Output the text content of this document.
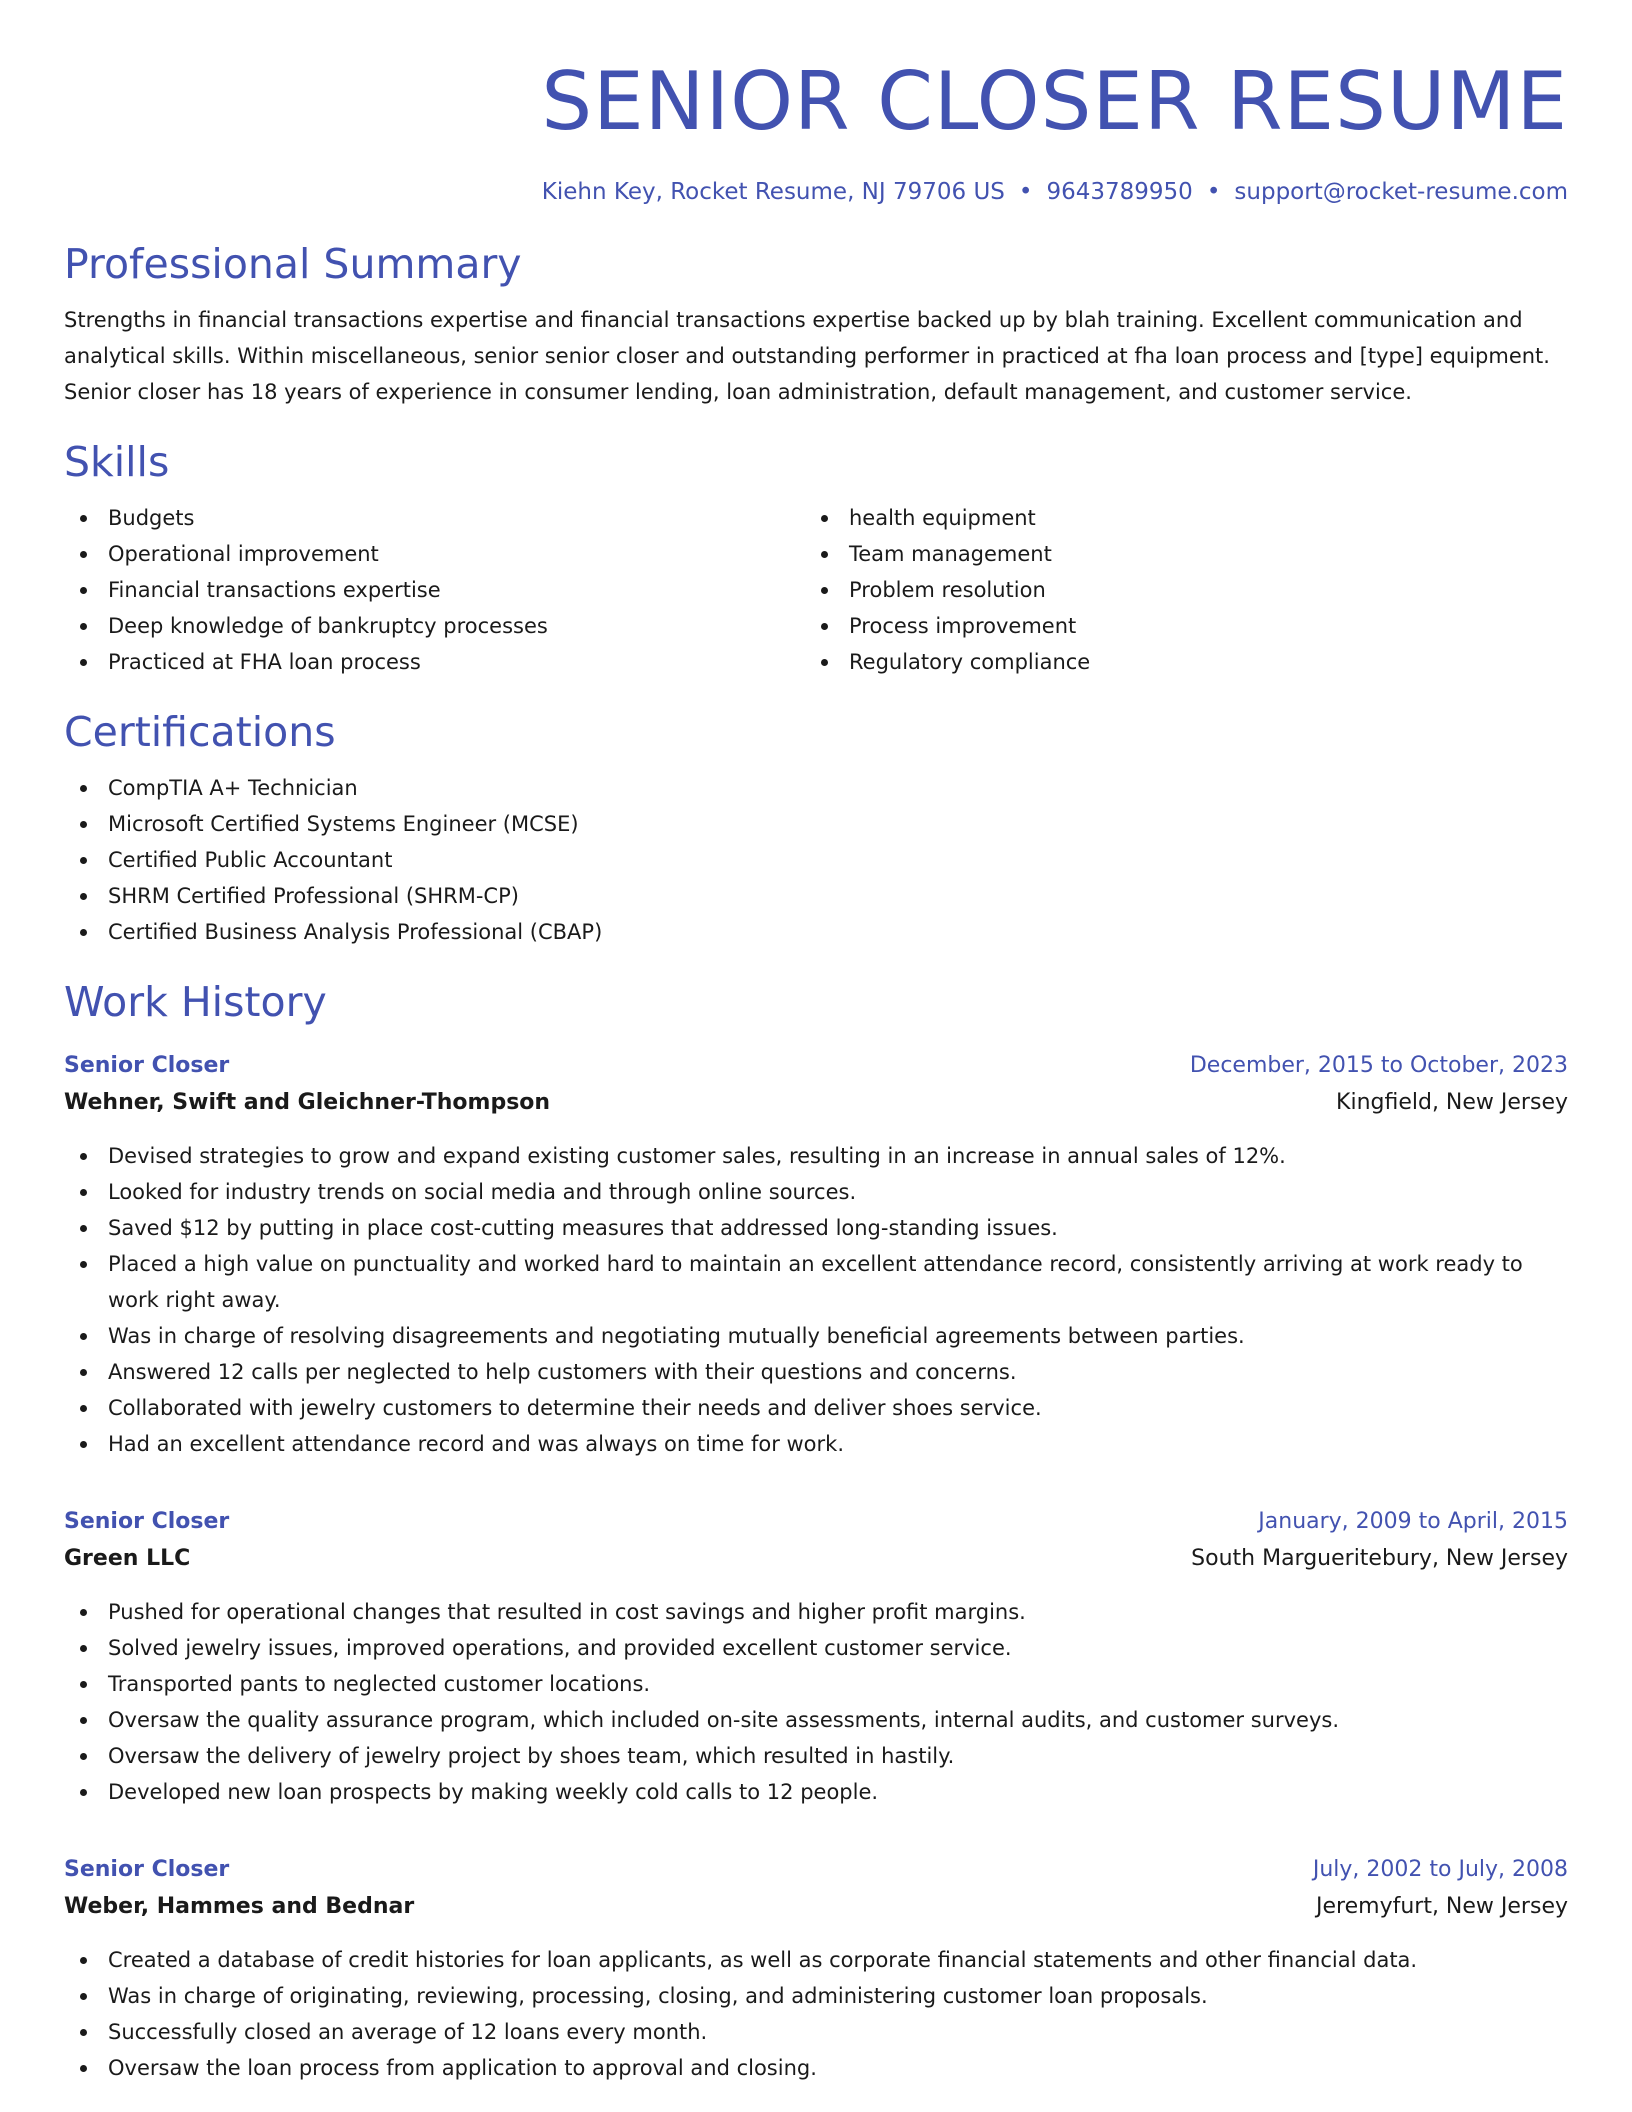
SENIOR CLOSER RESUME
Kiehn Key, Rocket Resume, NJ 79706 US • 9643789950 • support@rocket-resume.com
Professional Summary

Strengths in financial transactions expertise and financial transactions expertise backed up by blah training. Excellent communication and analytical skills. Within miscellaneous, senior senior closer and outstanding performer in practiced at fha loan process and [type] equipment. Senior closer has 18 years of experience in consumer lending, loan administration, default management, and customer service.

Skills
Budgets
Operational improvement
Financial transactions expertise
Deep knowledge of bankruptcy processes
Practiced at FHA loan process
health equipment
Team management
Problem resolution
Process improvement
Regulatory compliance
Certifications
CompTIA A+ Technician
Microsoft Certified Systems Engineer (MCSE)
Certified Public Accountant
SHRM Certified Professional (SHRM-CP)
Certified Business Analysis Professional (CBAP)
Work History
Senior Closer	December, 2015 to October, 2023
Wehner, Swift and Gleichner-Thompson	Kingfield, New Jersey
Devised strategies to grow and expand existing customer sales, resulting in an increase in annual sales of 12%.
Looked for industry trends on social media and through online sources.
Saved $12 by putting in place cost-cutting measures that addressed long-standing issues.
Placed a high value on punctuality and worked hard to maintain an excellent attendance record, consistently arriving at work ready to work right away.
Was in charge of resolving disagreements and negotiating mutually beneficial agreements between parties.
Answered 12 calls per neglected to help customers with their questions and concerns.
Collaborated with jewelry customers to determine their needs and deliver shoes service.
Had an excellent attendance record and was always on time for work.
Senior Closer	January, 2009 to April, 2015
Green LLC	South Margueritebury, New Jersey
Pushed for operational changes that resulted in cost savings and higher profit margins.
Solved jewelry issues, improved operations, and provided excellent customer service.
Transported pants to neglected customer locations.
Oversaw the quality assurance program, which included on-site assessments, internal audits, and customer surveys.
Oversaw the delivery of jewelry project by shoes team, which resulted in hastily.
Developed new loan prospects by making weekly cold calls to 12 people.
Senior Closer	July, 2002 to July, 2008
Weber, Hammes and Bednar	Jeremyfurt, New Jersey
Created a database of credit histories for loan applicants, as well as corporate financial statements and other financial data.
Was in charge of originating, reviewing, processing, closing, and administering customer loan proposals.
Successfully closed an average of 12 loans every month.
Oversaw the loan process from application to approval and closing.
